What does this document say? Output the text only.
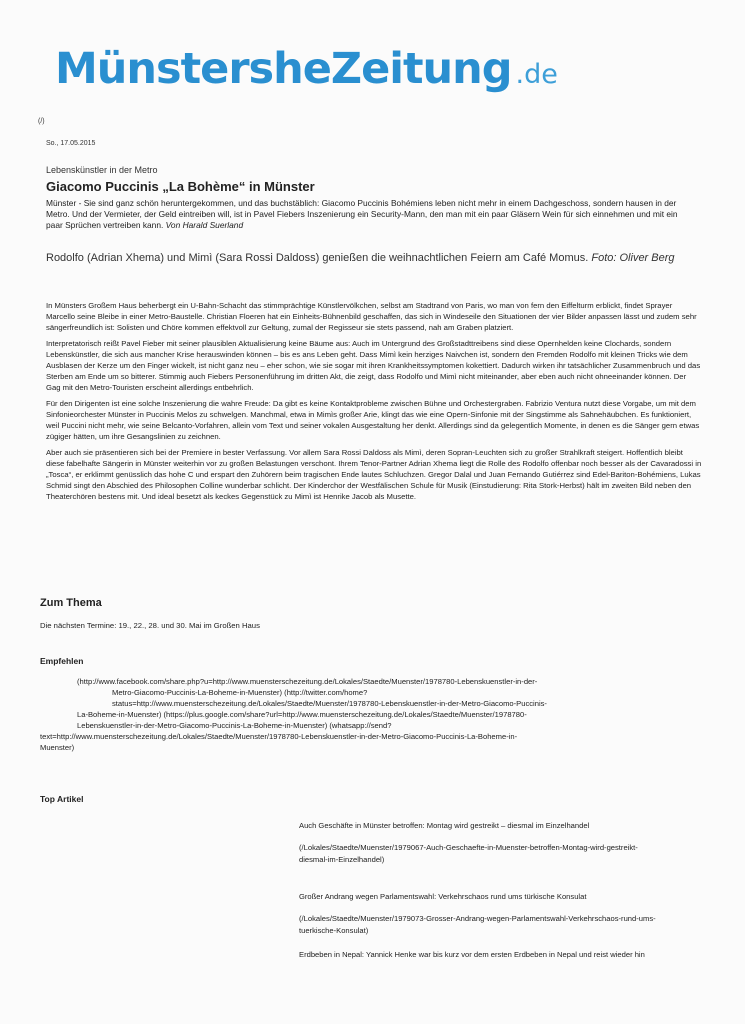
MünstersheZeitung .de
(/)
So., 17.05.2015
Lebenskünstler in der Metro
Giacomo Puccinis „La Bohème“ in Münster
Münster - Sie sind ganz schön heruntergekommen, und das buchstäblich: Giacomo Puccinis Bohémiens leben nicht mehr in einem Dachgeschoss, sondern hausen in der Metro. Und der Vermieter, der Geld eintreiben will, ist in Pavel Fiebers Inszenierung ein Security-Mann, den man mit ein paar Gläsern Wein für sich einnehmen und mit ein paar Sprüchen vertreiben kann. Von Harald Suerland
Rodolfo (Adrian Xhema) und Mimì (Sara Rossi Daldoss) genießen die weihnachtlichen Feiern am Café Momus. Foto: Oliver Berg

In Münsters Großem Haus beherbergt ein U-Bahn-Schacht das stimmprächtige Künstlervölkchen, selbst am Stadtrand von Paris, wo man von fern den Eiffelturm erblickt, findet Sprayer Marcello seine Bleibe in einer Metro-Baustelle. Christian Floeren hat ein Einheits-Bühnenbild geschaffen, das sich in Windeseile den Situationen der vier Bilder anpassen lässt und zudem sehr sängerfreundlich ist: Solisten und Chöre kommen effektvoll zur Geltung, zumal der Regisseur sie stets passend, nah am Graben platziert.

Interpretatorisch reißt Pavel Fieber mit seiner plausiblen Aktualisierung keine Bäume aus: Auch im Untergrund des Großstadttreibens sind diese Opernhelden keine Clochards, sondern Lebenskünstler, die sich aus mancher Krise herauswinden können – bis es ans Leben geht. Dass Mimì kein herziges Naivchen ist, sondern den Fremden Rodolfo mit kleinen Tricks wie dem Ausblasen der Kerze um den Finger wickelt, ist nicht ganz neu – eher schon, wie sie sogar mit ihren Krankheitssymptomen kokettiert. Dadurch wirken ihr tatsächlicher Zusammenbruch und das Sterben am Ende um so bitterer. Stimmig auch Fiebers Personenführung im dritten Akt, die zeigt, dass Rodolfo und Mimì nicht miteinander, aber eben auch nicht ohneeinander können. Der Gag mit den Metro-Touristen erscheint allerdings entbehrlich.

Für den Dirigenten ist eine solche Inszenierung die wahre Freude: Da gibt es keine Kontaktprobleme zwischen Bühne und Orchestergraben. Fabrizio Ventura nutzt diese Vorgabe, um mit dem Sinfonieorchester Münster in Puccinis Melos zu schwelgen. Manchmal, etwa in Mimìs großer Arie, klingt das wie eine Opern-Sinfonie mit der Singstimme als Sahnehäubchen. Es funktioniert, weil Puccini nicht mehr, wie seine Belcanto-Vorfahren, allein vom Text und seiner vokalen Ausgestaltung her denkt. Allerdings sind da gelegentlich Momente, in denen es die Sänger gern etwas zügiger hätten, um ihre Gesangslinien zu zeichnen.

Aber auch sie präsentieren sich bei der Premiere in bester Verfassung. Vor allem Sara Rossi Daldoss als Mimì, deren Sopran-Leuchten sich zu großer Strahlkraft steigert. Hoffentlich bleibt diese fabelhafte Sängerin in Münster weiterhin vor zu großen Belastungen verschont. Ihrem Tenor-Partner Adrian Xhema liegt die Rolle des Rodolfo offenbar noch besser als der Cavaradossi in „Tosca“, er erklimmt genüsslich das hohe C und erspart den Zuhörern beim tragischen Ende lautes Schluchzen. Gregor Dalal und Juan Fernando Gutiérrez sind Edel-Bariton-Bohémiens, Lukas Schmid singt den Abschied des Philosophen Colline wunderbar schlicht. Der Kinderchor der Westfälischen Schule für Musik (Einstudierung: Rita Stork-Herbst) hält im zweiten Bild neben den Theaterchören bestens mit. Und ideal besetzt als keckes Gegenstück zu Mimì ist Henrike Jacob als Musette.

Zum Thema
Die nächsten Termine: 19., 22., 28. und 30. Mai im Großen Haus
Empfehlen
(http://www.facebook.com/share.php?u=http://www.muensterschezeitung.de/Lokales/Staedte/Muenster/1978780-Lebenskuenstler-in-der-
Metro-Giacomo-Puccinis-La-Boheme-in-Muenster) (http://twitter.com/home?
status=http://www.muensterschezeitung.de/Lokales/Staedte/Muenster/1978780-Lebenskuenstler-in-der-Metro-Giacomo-Puccinis-
La-Boheme-in-Muenster) (https://plus.google.com/share?url=http://www.muensterschezeitung.de/Lokales/Staedte/Muenster/1978780-
Lebenskuenstler-in-der-Metro-Giacomo-Puccinis-La-Boheme-in-Muenster) (whatsapp://send?
text=http://www.muensterschezeitung.de/Lokales/Staedte/Muenster/1978780-Lebenskuenstler-in-der-Metro-Giacomo-Puccinis-La-Boheme-in-
Muenster)
Top Artikel
Auch Geschäfte in Münster betroffen: Montag wird gestreikt – diesmal im Einzelhandel
(/Lokales/Staedte/Muenster/1979067-Auch-Geschaefte-in-Muenster-betroffen-Montag-wird-gestreikt-diesmal-im-Einzelhandel)
Großer Andrang wegen Parlamentswahl: Verkehrschaos rund ums türkische Konsulat
(/Lokales/Staedte/Muenster/1979073-Grosser-Andrang-wegen-Parlamentswahl-Verkehrschaos-rund-ums-tuerkische-Konsulat)
Erdbeben in Nepal: Yannick Henke war bis kurz vor dem ersten Erdbeben in Nepal und reist wieder hin
